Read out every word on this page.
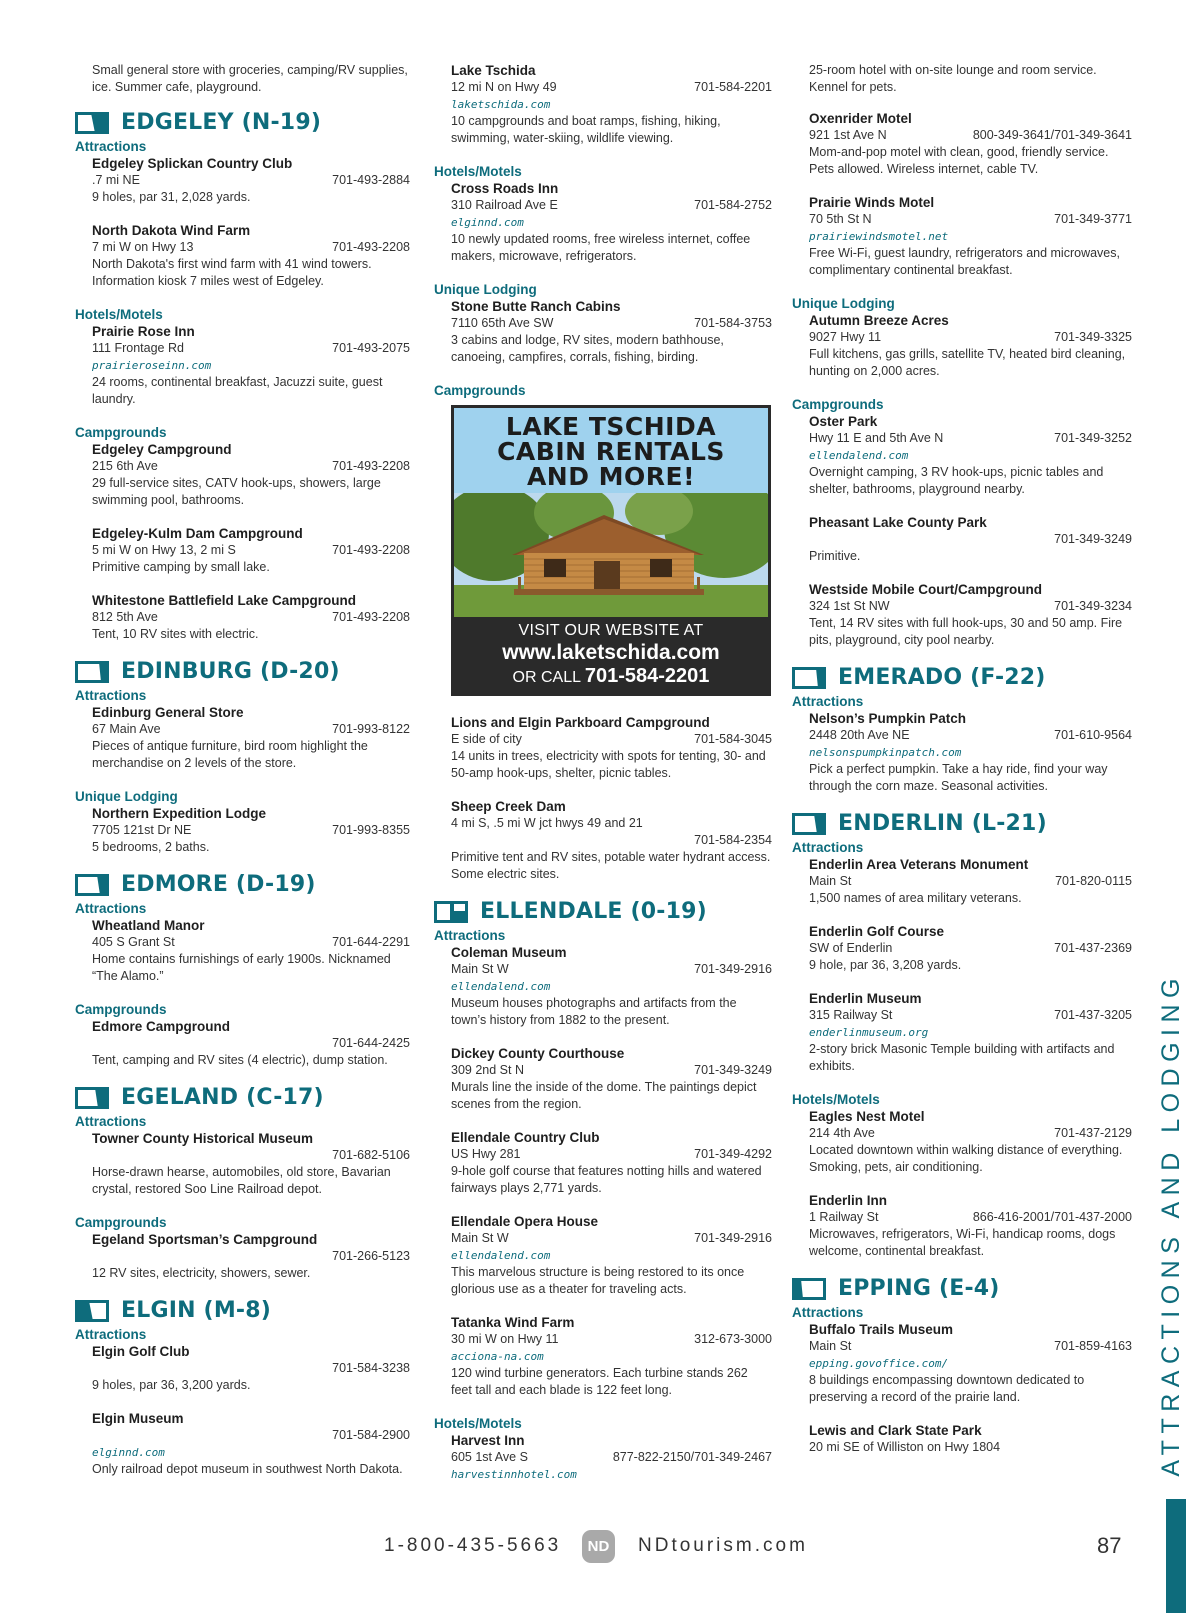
Small general store with groceries, camping/RV supplies, ice. Summer cafe, playground.
EDGELEY (N-19)
Attractions
Edgeley Splickan Country Club
.7 mi NE	701-493-2884
9 holes, par 31, 2,028 yards.
North Dakota Wind Farm
7 mi W on Hwy 13	701-493-2208
North Dakota's first wind farm with 41 wind towers. Information kiosk 7 miles west of Edgeley.
Hotels/Motels
Prairie Rose Inn
111 Frontage Rd	701-493-2075
prairieroseinn.com
24 rooms, continental breakfast, Jacuzzi suite, guest laundry.
Campgrounds
Edgeley Campground
215 6th Ave	701-493-2208
29 full-service sites, CATV hook-ups, showers, large swimming pool, bathrooms.
Edgeley-Kulm Dam Campground
5 mi W on Hwy 13, 2 mi S	701-493-2208
Primitive camping by small lake.
Whitestone Battlefield Lake Campground
812 5th Ave	701-493-2208
Tent, 10 RV sites with electric.
EDINBURG (D-20)
Attractions
Edinburg General Store
67 Main Ave	701-993-8122
Pieces of antique furniture, bird room highlight the merchandise on 2 levels of the store.
Unique Lodging
Northern Expedition Lodge
7705 121st Dr NE	701-993-8355
5 bedrooms, 2 baths.
EDMORE (D-19)
Attractions
Wheatland Manor
405 S Grant St	701-644-2291
Home contains furnishings of early 1900s. Nicknamed “The Alamo.”
Campgrounds
Edmore Campground
701-644-2425
Tent, camping and RV sites (4 electric), dump station.
EGELAND (C-17)
Attractions
Towner County Historical Museum
701-682-5106
Horse-drawn hearse, automobiles, old store, Bavarian crystal, restored Soo Line Railroad depot.
Campgrounds
Egeland Sportsman’s Campground
701-266-5123
12 RV sites, electricity, showers, sewer.
ELGIN (M-8)
Attractions
Elgin Golf Club
701-584-3238
9 holes, par 36, 3,200 yards.
Elgin Museum
701-584-2900
elginnd.com
Only railroad depot museum in southwest North Dakota.
Lake Tschida
12 mi N on Hwy 49	701-584-2201
laketschida.com
10 campgrounds and boat ramps, fishing, hiking, swimming, water-skiing, wildlife viewing.
Hotels/Motels
Cross Roads Inn
310 Railroad Ave E	701-584-2752
elginnd.com
10 newly updated rooms, free wireless internet, coffee makers, microwave, refrigerators.
Unique Lodging
Stone Butte Ranch Cabins
7110 65th Ave SW	701-584-3753
3 cabins and lodge, RV sites, modern bathhouse, canoeing, campfires, corrals, fishing, birding.
Campgrounds
LAKE TSCHIDA
CABIN RENTALS
AND MORE!
VISIT OUR WEBSITE AT
www.laketschida.com
OR CALL 701-584-2201
Lions and Elgin Parkboard Campground
E side of city	701-584-3045
14 units in trees, electricity with spots for tenting, 30- and 50-amp hook-ups, shelter, picnic tables.
Sheep Creek Dam
4 mi S, .5 mi W jct hwys 49 and 21
701-584-2354
Primitive tent and RV sites, potable water hydrant access. Some electric sites.
ELLENDALE (0-19)
Attractions
Coleman Museum
Main St W	701-349-2916
ellendalend.com
Museum houses photographs and artifacts from the town’s history from 1882 to the present.
Dickey County Courthouse
309 2nd St N	701-349-3249
Murals line the inside of the dome. The paintings depict scenes from the region.
Ellendale Country Club
US Hwy 281	701-349-4292
9-hole golf course that features notting hills and watered fairways plays 2,771 yards.
Ellendale Opera House
Main St W	701-349-2916
ellendalend.com
This marvelous structure is being restored to its once glorious use as a theater for traveling acts.
Tatanka Wind Farm
30 mi W on Hwy 11	312-673-3000
acciona-na.com
120 wind turbine generators. Each turbine stands 262 feet tall and each blade is 122 feet long.
Hotels/Motels
Harvest Inn
605 1st Ave S	877-822-2150/701-349-2467
harvestinnhotel.com
25-room hotel with on-site lounge and room service. Kennel for pets.
Oxenrider Motel
921 1st Ave N	800-349-3641/701-349-3641
Mom-and-pop motel with clean, good, friendly service. Pets allowed. Wireless internet, cable TV.
Prairie Winds Motel
70 5th St N	701-349-3771
prairiewindsmotel.net
Free Wi-Fi, guest laundry, refrigerators and microwaves, complimentary continental breakfast.
Unique Lodging
Autumn Breeze Acres
9027 Hwy 11	701-349-3325
Full kitchens, gas grills, satellite TV, heated bird cleaning, hunting on 2,000 acres.
Campgrounds
Oster Park
Hwy 11 E and 5th Ave N	701-349-3252
ellendalend.com
Overnight camping, 3 RV hook-ups, picnic tables and shelter, bathrooms, playground nearby.
Pheasant Lake County Park
701-349-3249
Primitive.
Westside Mobile Court/Campground
324 1st St NW	701-349-3234
Tent, 14 RV sites with full hook-ups, 30 and 50 amp. Fire pits, playground, city pool nearby.
EMERADO (F-22)
Attractions
Nelson’s Pumpkin Patch
2448 20th Ave NE	701-610-9564
nelsonspumpkinpatch.com
Pick a perfect pumpkin. Take a hay ride, find your way through the corn maze. Seasonal activities.
ENDERLIN (L-21)
Attractions
Enderlin Area Veterans Monument
Main St	701-820-0115
1,500 names of area military veterans.
Enderlin Golf Course
SW of Enderlin	701-437-2369
9 hole, par 36, 3,208 yards.
Enderlin Museum
315 Railway St	701-437-3205
enderlinmuseum.org
2-story brick Masonic Temple building with artifacts and exhibits.
Hotels/Motels
Eagles Nest Motel
214 4th Ave	701-437-2129
Located downtown within walking distance of everything. Smoking, pets, air conditioning.
Enderlin Inn
1 Railway St	866-416-2001/701-437-2000
Microwaves, refrigerators, Wi-Fi, handicap rooms, dogs welcome, continental breakfast.
EPPING (E-4)
Attractions
Buffalo Trails Museum
Main St	701-859-4163
epping.govoffice.com/
8 buildings encompassing downtown dedicated to preserving a record of the prairie land.
Lewis and Clark State Park
20 mi SE of Williston on Hwy 1804	ATTRACTIONS AND LODGING
1-800-435-5663	ND NDtourism.com	87
